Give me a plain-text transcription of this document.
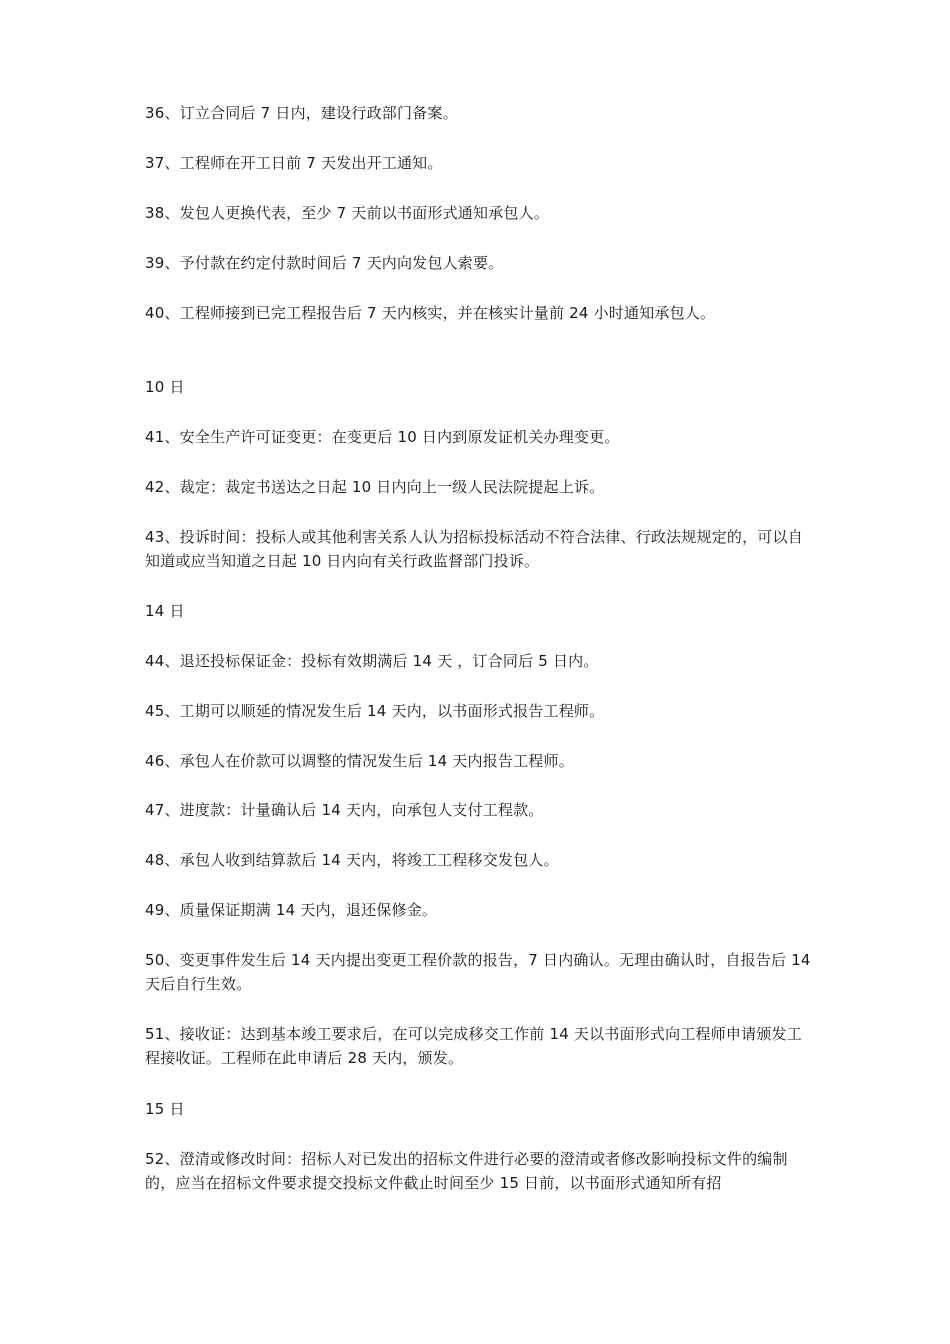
36、订立合同后 7 日内，建设行政部门备案。
37、工程师在开工日前 7 天发出开工通知。
38、发包人更换代表，至少 7 天前以书面形式通知承包人。
39、予付款在约定付款时间后 7 天内向发包人索要。
40、工程师接到已完工程报告后 7 天内核实，并在核实计量前 24 小时通知承包人。
10 日
41、安全生产许可证变更：在变更后 10 日内到原发证机关办理变更。
42、裁定：裁定书送达之日起 10 日内向上一级人民法院提起上诉。
43、投诉时间：投标人或其他利害关系人认为招标投标活动不符合法律、行政法规规定的，可以自知道或应当知道之日起 10 日内向有关行政监督部门投诉。
14 日
44、退还投标保证金：投标有效期满后 14 天 ，订合同后 5 日内。
45、工期可以顺延的情况发生后 14 天内，以书面形式报告工程师。
46、承包人在价款可以调整的情况发生后 14 天内报告工程师。
47、进度款：计量确认后 14 天内，向承包人支付工程款。
48、承包人收到结算款后 14 天内，将竣工工程移交发包人。
49、质量保证期满 14 天内，退还保修金。
50、变更事件发生后 14 天内提出变更工程价款的报告，7 日内确认。无理由确认时，自报告后 14 天后自行生效。
51、接收证：达到基本竣工要求后，在可以完成移交工作前 14 天以书面形式向工程师申请颁发工程接收证。工程师在此申请后 28 天内，颁发。
15 日
52、澄清或修改时间：招标人对已发出的招标文件进行必要的澄清或者修改影响投标文件的编制的，应当在招标文件要求提交投标文件截止时间至少 15 日前，以书面形式通知所有招
